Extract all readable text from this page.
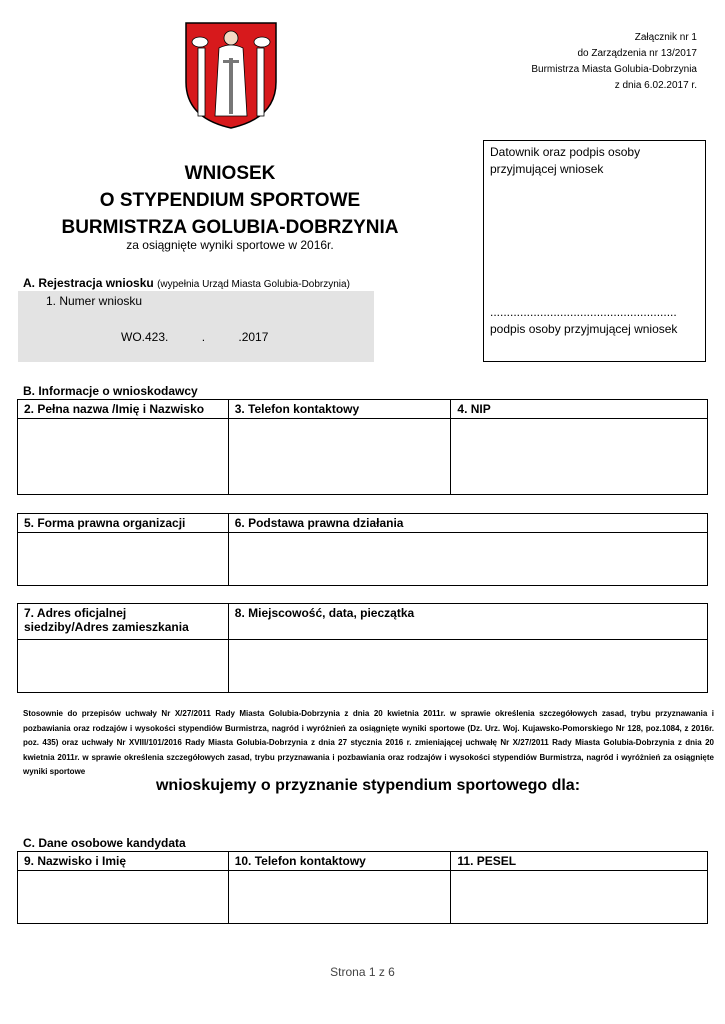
Załącznik nr 1
do Zarządzenia nr 13/2017
Burmistrza Miasta Golubia-Dobrzynia
z dnia 6.02.2017 r.
WNIOSEK
O STYPENDIUM SPORTOWE
BURMISTRZA GOLUBIA-DOBRZYNIA
za osiągnięte wyniki sportowe w 2016r.
Datownik oraz podpis osoby
przyjmującej wniosek
........................................................
podpis osoby przyjmującej wniosek
A. Rejestracja wniosku (wypełnia Urząd Miasta Golubia-Dobrzynia)
1. Numer wniosku
WO.423.          .          .2017
B. Informacje o wnioskodawcy
2. Pełna nazwa /Imię i Nazwisko	3. Telefon kontaktowy	4. NIP

5. Forma prawna organizacji	6. Podstawa prawna działania

7. Adres oficjalnej
siedziby/Adres zamieszkania	8. Miejscowość, data, pieczątka

Stosownie do przepisów uchwały Nr X/27/2011 Rady Miasta Golubia-Dobrzynia z dnia 20 kwietnia 2011r. w sprawie określenia szczegółowych zasad, trybu przyznawania i pozbawiania oraz rodzajów i wysokości stypendiów Burmistrza, nagród i wyróżnień za osiągnięte wyniki sportowe (Dz. Urz. Woj. Kujawsko-Pomorskiego Nr 128, poz.1084, z 2016r. poz. 435) oraz uchwały Nr XVIII/101/2016 Rady Miasta Golubia-Dobrzynia z dnia 27 stycznia 2016 r. zmieniającej uchwałę Nr X/27/2011 Rady Miasta Golubia-Dobrzynia z dnia 20 kwietnia 2011r. w sprawie określenia szczegółowych zasad, trybu przyznawania i pozbawiania oraz rodzajów i wysokości stypendiów Burmistrza, nagród i wyróżnień za osiągnięte wyniki sportowe
wnioskujemy o przyznanie stypendium sportowego dla:
C. Dane osobowe kandydata
9. Nazwisko i Imię	10. Telefon kontaktowy	11. PESEL

Strona 1 z 6
